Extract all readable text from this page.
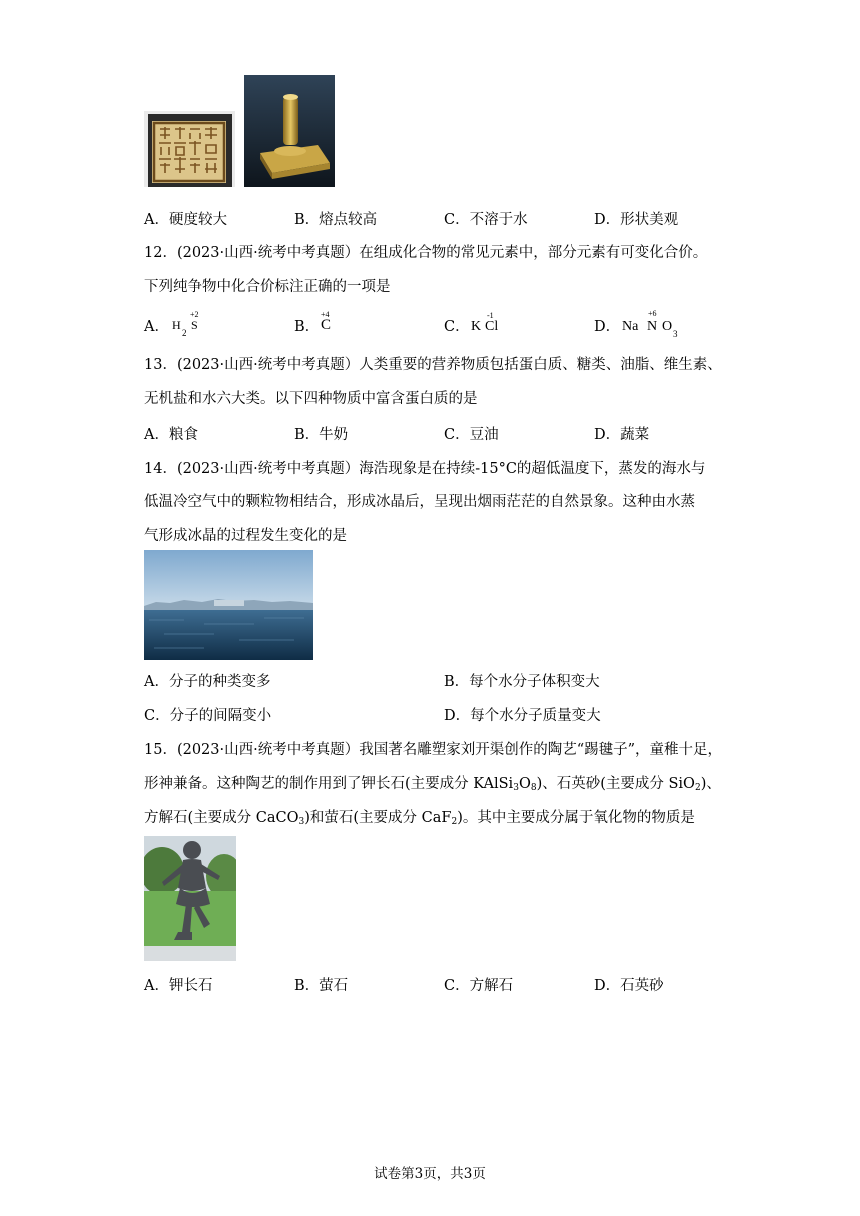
A．硬度较大	B．熔点较高	C．不溶于水	D．形状美观
12．(2023·山西·统考中考真题）在组成化合物的常见元素中，部分元素有可变化合价。
下列纯争物中化合价标注正确的一项是
A． H
2
S
+2
B． C
+4
C． K Cl
-1
D． Na N
+6
O 3
13．(2023·山西·统考中考真题）人类重要的营养物质包括蛋白质、糖类、油脂、维生素、
无机盐和水六大类。以下四种物质中富含蛋白质的是
A．粮食	B．牛奶	C．豆油	D．蔬菜
14．(2023·山西·统考中考真题）海浩现象是在持续-15°C的超低温度下，蒸发的海水与
低温冷空气中的颗粒物相结合，形成冰晶后，呈现出烟雨茫茫的自然景象。这种由水蒸
气形成冰晶的过程发生变化的是
A．分子的种类变多	B．每个水分子体积变大
C．分子的间隔变小	D．每个水分子质量变大
15．(2023·山西·统考中考真题）我国著名雕塑家刘开渠创作的陶艺“踢毽子”，童稚十足，
形神兼备。这种陶艺的制作用到了钾长石(主要成分 $KAlSi_3O_8$)、石英砂(主要成分 SiO$_2$)、
方解石(主要成分 CaCO$_3$)和萤石(主要成分 CaF$_2$)。其中主要成分属于氧化物的物质是
A．钾长石	B．萤石	C．方解石	D．石英砂
试卷第3页，共3页
